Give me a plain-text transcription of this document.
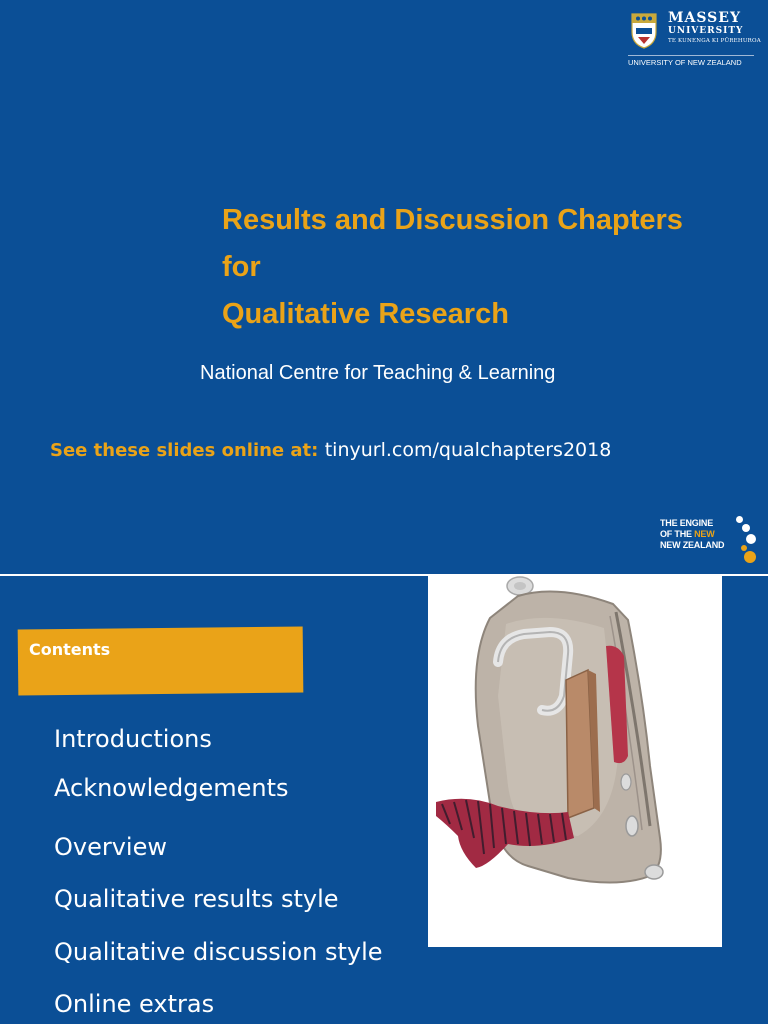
MASSEY
UNIVERSITY
TE KUNENGA KI PŪREHUROA
UNIVERSITY OF NEW ZEALAND
Results and Discussion Chapters
for
Qualitative Research
National Centre for Teaching & Learning
See these slides online at: tinyurl.com/qualchapters2018
THE ENGINE
OF THE NEW
NEW ZEALAND
Contents
Introductions
Acknowledgements
Overview
Qualitative results style
Qualitative discussion style
Online extras
